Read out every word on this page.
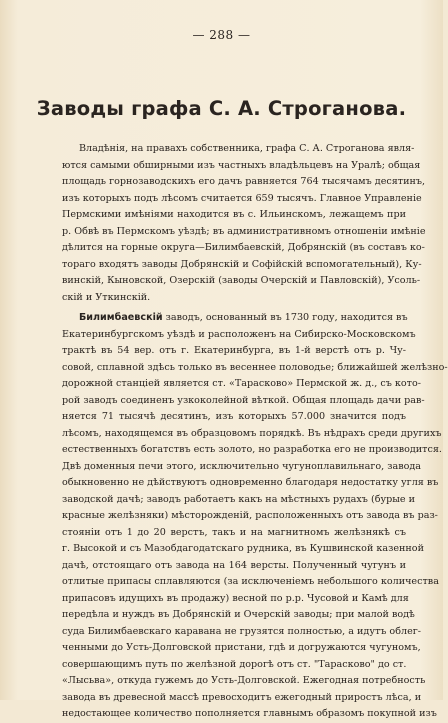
— 288 —
Заводы графа С. А. Строганова.
Владѣнія, на правахъ собственника, графа С. А. Строганова явля-
ются самыми обширными изъ частныхъ владѣльцевъ на Уралѣ; общая
площадь горнозаводскихъ его дачъ равняется 764 тысячамъ десятинъ,
изъ которыхъ подъ лѣсомъ считается 659 тысячъ. Главное Управленіе
Пермскими имѣніями находится въ с. Ильинскомъ, лежащемъ при
р. Обвѣ въ Пермскомъ уѣздѣ; въ административномъ отношеніи имѣніе
дѣлится на горные округа—Билимбаевскій, Добрянскій (въ составъ ко-
тораго входятъ заводы Добрянскій и Софійскій вспомогательный), Ку-
винскій, Кыновской, Озерскій (заводы Очерскій и Павловскій), Усоль-
скій и Уткинскій.
Билимбаевскій заводъ, основанный въ 1730 году, находится въ
Екатеринбургскомъ уѣздѣ и расположенъ на Сибирско-Московскомъ
трактѣ въ 54 вер. отъ г. Екатеринбурга, въ 1-й верстѣ отъ р. Чу-
совой, сплавной здѣсь только въ весеннее половодье; ближайшей желѣзно-
дорожной станціей является ст. «Тарасково» Пермской ж. д., съ кото-
рой заводъ соединенъ узкоколейной вѣткой. Общая площадь дачи рав-
няется 71 тысячѣ десятинъ, изъ которыхъ 57.000 значится подъ
лѣсомъ, находящемся въ образцовомъ порядкѣ. Въ нѣдрахъ среди другихъ
естественныхъ богатствъ есть золото, но разработка его не производится.
Двѣ доменныя печи этого, исключительно чугуноплавильнаго, завода
обыкновенно не дѣйствуютъ одновременно благодаря недостатку угля въ
заводской дачѣ; заводъ работаетъ какъ на мѣстныхъ рудахъ (бурые и
красные желѣзняки) мѣсторожденій, расположенныхъ отъ завода въ раз-
стояніи отъ 1 до 20 верстъ, такъ и на магнитномъ желѣзнякѣ съ
г. Высокой и съ Мазобдагодатскаго рудника, въ Кушвинской казенной
дачѣ, отстоящаго отъ завода на 164 версты. Полученный чугунъ и
отлитые припасы сплавляются (за исключеніемъ небольшого количества
припасовъ идущихъ въ продажу) весной по р.р. Чусовой и Камѣ для
передѣла и нуждъ въ Добрянскій и Очерскій заводы; при малой водѣ
суда Билимбаевскаго каравана не грузятся полностью, а идутъ облег-
ченными до Усть-Долговской пристани, гдѣ и догружаются чугуномъ,
совершающимъ путь по желѣзной дорогѣ отъ ст. "Тарасково" до ст.
«Лысьва», откуда гужемъ до Усть-Долговской. Ежегодная потребность
завода въ древесной массѣ превосходитъ ежегодный приростъ лѣса, и
недостающее количество пополняется главнымъ образомъ покупной изъ
